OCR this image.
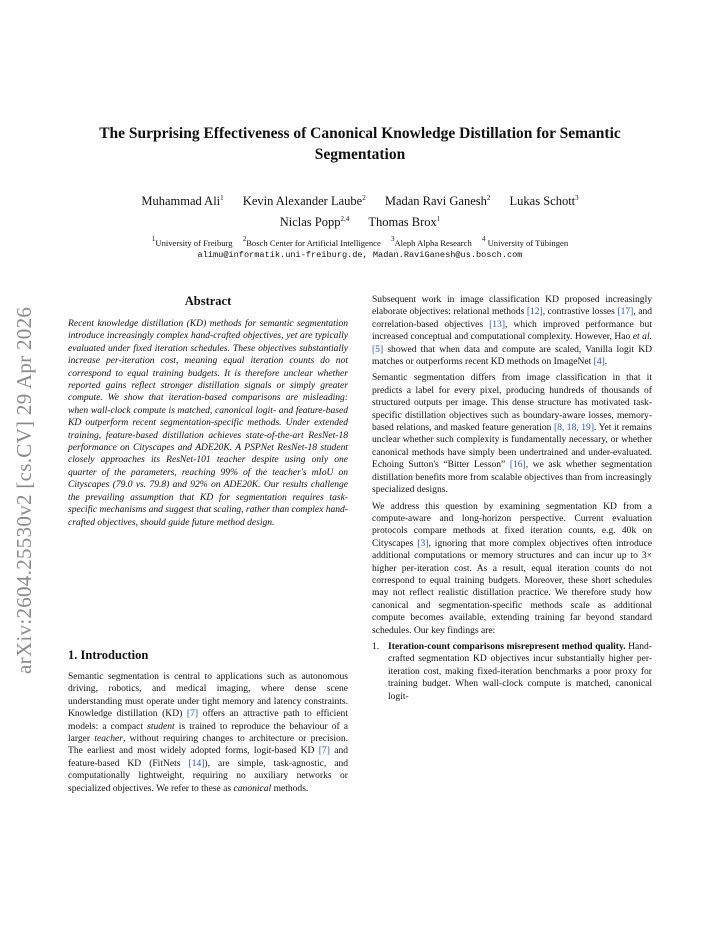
arXiv:2604.25530v2 [cs.CV] 29 Apr 2026
The Surprising Effectiveness of Canonical Knowledge Distillation for Semantic Segmentation
Muhammad Ali$^1$ Kevin Alexander Laube$^2$ Madan Ravi Ganesh$^2$ Lukas Schott$^3$
Niclas Popp$^{2,4}$ Thomas Brox$^1$
$^1$University of Freiburg $^2$Bosch Center for Artificial Intelligence $^3$Aleph Alpha Research $^4$ University of Tübingen
alimu@informatik.uni-freiburg.de, Madan.RaviGanesh@us.bosch.com
Abstract

Recent knowledge distillation (KD) methods for semantic segmentation introduce increasingly complex hand-crafted objectives, yet are typically evaluated under fixed iteration schedules. These objectives substantially increase per-iteration cost, meaning equal iteration counts do not correspond to equal training budgets. It is therefore unclear whether reported gains reflect stronger distillation signals or simply greater compute. We show that iteration-based comparisons are misleading: when wall-clock compute is matched, canonical logit- and feature-based KD outperform recent segmentation-specific methods. Under extended training, feature-based distillation achieves state-of-the-art ResNet-18 performance on Cityscapes and ADE20K. A PSPNet ResNet-18 student closely approaches its ResNet-101 teacher despite using only one quarter of the parameters, reaching 99% of the teacher's mIoU on Cityscapes (79.0 vs. 79.8) and 92% on ADE20K. Our results challenge the prevailing assumption that KD for segmentation requires task-specific mechanisms and suggest that scaling, rather than complex hand-crafted objectives, should guide future method design.

1. Introduction

Semantic segmentation is central to applications such as autonomous driving, robotics, and medical imaging, where dense scene understanding must operate under tight memory and latency constraints. Knowledge distillation (KD) [7] offers an attractive path to efficient models: a compact student is trained to reproduce the behaviour of a larger teacher, without requiring changes to architecture or precision. The earliest and most widely adopted forms, logit-based KD [7] and feature-based KD (FitNets [14]), are simple, task-agnostic, and computationally lightweight, requiring no auxiliary networks or specialized objectives. We refer to these as canonical methods.

Subsequent work in image classification KD proposed increasingly elaborate objectives: relational methods [12], contrastive losses [17], and correlation-based objectives [13], which improved performance but increased conceptual and computational complexity. However, Hao et al. [5] showed that when data and compute are scaled, Vanilla logit KD matches or outperforms recent KD methods on ImageNet [4].

Semantic segmentation differs from image classification in that it predicts a label for every pixel, producing hundreds of thousands of structured outputs per image. This dense structure has motivated task-specific distillation objectives such as boundary-aware losses, memory-based relations, and masked feature generation [8, 18, 19]. Yet it remains unclear whether such complexity is fundamentally necessary, or whether canonical methods have simply been undertrained and under-evaluated. Echoing Sutton's “Bitter Lesson” [16], we ask whether segmentation distillation benefits more from scalable objectives than from increasingly specialized designs.

We address this question by examining segmentation KD from a compute-aware and long-horizon perspective. Current evaluation protocols compare methods at fixed iteration counts, e.g. 40k on Cityscapes [3], ignoring that more complex objectives often introduce additional computations or memory structures and can incur up to 3× higher per-iteration cost. As a result, equal iteration counts do not correspond to equal training budgets. Moreover, these short schedules may not reflect realistic distillation practice. We therefore study how canonical and segmentation-specific methods scale as additional compute becomes available, extending training far beyond standard schedules. Our key findings are:

1. Iteration-count comparisons misrepresent method quality. Hand-crafted segmentation KD objectives incur substantially higher per-iteration cost, making fixed-iteration benchmarks a poor proxy for training budget. When wall-clock compute is matched, canonical logit-
